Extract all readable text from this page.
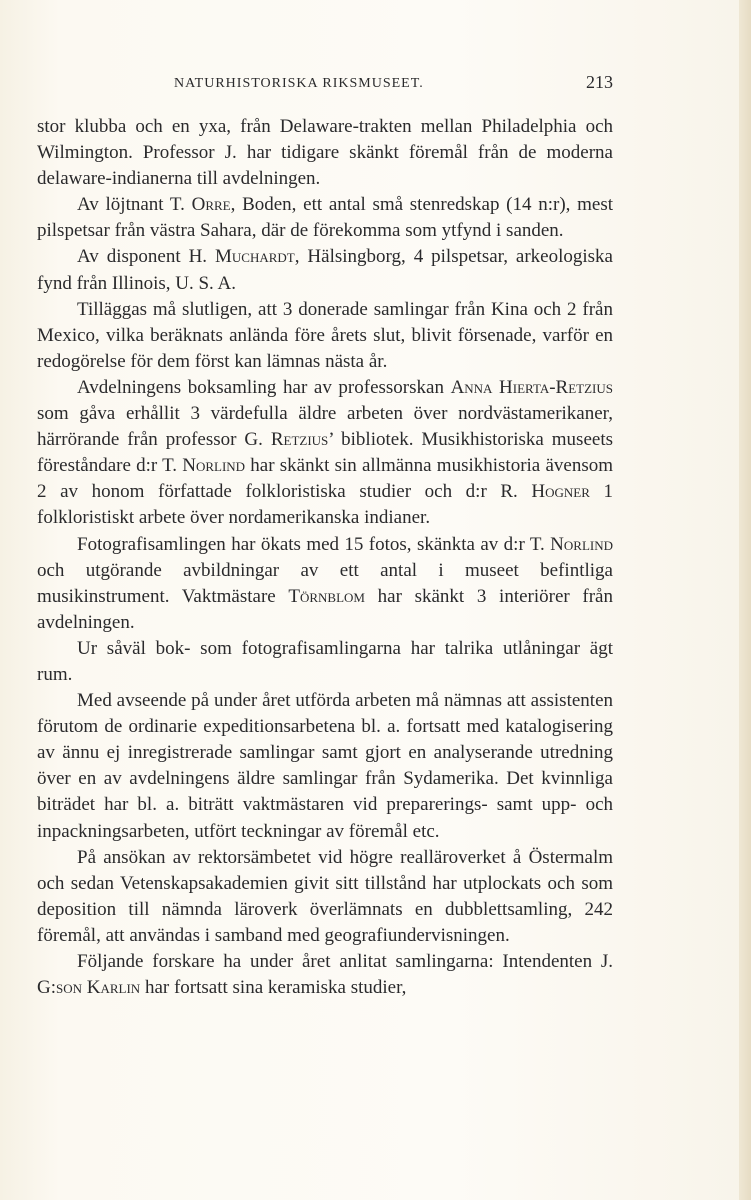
NATURHISTORISKA RIKSMUSEET.	213

stor klubba och en yxa, från Delaware-trakten mellan Philadelphia och Wilmington. Professor J. har tidigare skänkt föremål från de moderna delaware-indianerna till avdelningen.

Av löjtnant T. Orre, Boden, ett antal små stenredskap (14 n:r), mest pilspetsar från västra Sahara, där de förekomma som ytfynd i sanden.

Av disponent H. Muchardt, Hälsingborg, 4 pilspetsar, arkeologiska fynd från Illinois, U. S. A.

Tilläggas må slutligen, att 3 donerade samlingar från Kina och 2 från Mexico, vilka beräknats anlända före årets slut, blivit försenade, varför en redogörelse för dem först kan lämnas nästa år.

Avdelningens boksamling har av professorskan Anna Hierta-Retzius som gåva erhållit 3 värdefulla äldre arbeten över nordvästamerikaner, härrörande från professor G. Retzius’ bibliotek. Musikhistoriska museets föreståndare d:r T. Norlind har skänkt sin allmänna musikhistoria ävensom 2 av honom författade folkloristiska studier och d:r R. Hogner 1 folkloristiskt arbete över nordamerikanska indianer.

Fotografisamlingen har ökats med 15 fotos, skänkta av d:r T. Norlind och utgörande avbildningar av ett antal i museet befintliga musikinstrument. Vaktmästare Törnblom har skänkt 3 interiörer från avdelningen.

Ur såväl bok- som fotografisamlingarna har talrika utlåningar ägt rum.

Med avseende på under året utförda arbeten må nämnas att assistenten förutom de ordinarie expeditionsarbetena bl. a. fortsatt med katalogisering av ännu ej inregistrerade samlingar samt gjort en analyserande utredning över en av avdelningens äldre samlingar från Sydamerika. Det kvinnliga biträdet har bl. a. biträtt vaktmästaren vid preparerings- samt upp- och inpackningsarbeten, utfört teckningar av föremål etc.

På ansökan av rektorsämbetet vid högre realläroverket å Östermalm och sedan Vetenskapsakademien givit sitt tillstånd har utplockats och som deposition till nämnda läroverk överlämnats en dubblettsamling, 242 föremål, att användas i samband med geografiundervisningen.

Följande forskare ha under året anlitat samlingarna: Intendenten J. G:son Karlin har fortsatt sina keramiska studier,
